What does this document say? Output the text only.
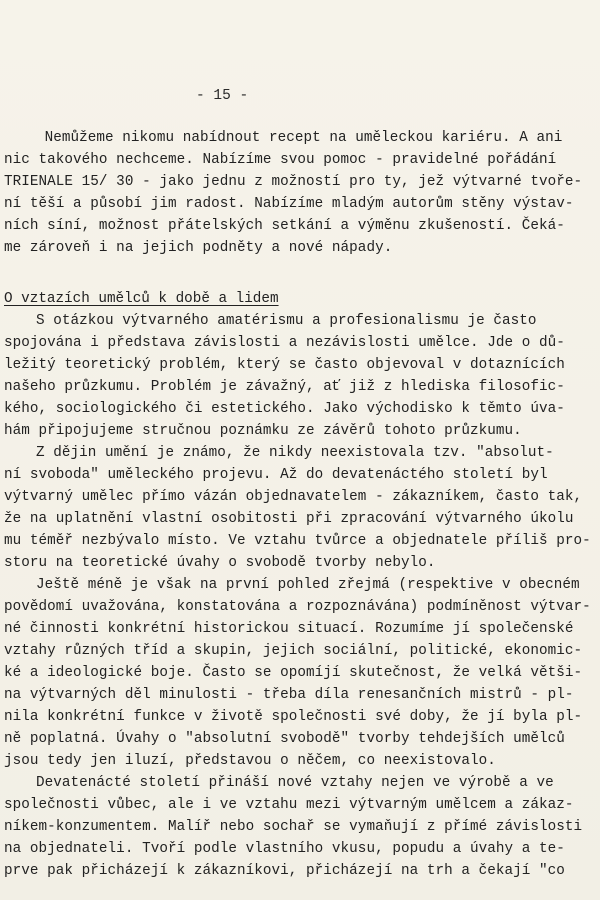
- 15 -
Nemůžeme nikomu nabídnout recept na uměleckou kariéru. A ani
nic takového nechceme. Nabízíme svou pomoc - pravidelné pořádání
TRIENALE 15/ 30 - jako jednu z možností pro ty, jež výtvarné tvoře-
ní těší a působí jim radost. Nabízíme mladým autorům stěny výstav-
ních síní, možnost přátelských setkání a výměnu zkušeností. Čeká-
me zároveň i na jejich podněty a nové nápady.
O vztazích umělců k době a lidem
S otázkou výtvarného amatérismu a profesionalismu je často
spojována i představa závislosti a nezávislosti umělce. Jde o dů-
ležitý teoretický problém, který se často objevoval v dotaznících
našeho průzkumu. Problém je závažný, ať již z hlediska filosofic-
kého, sociologického či estetického. Jako východisko k těmto úva-
hám připojujeme stručnou poznámku ze závěrů tohoto průzkumu.
Z dějin umění je známo, že nikdy neexistovala tzv. "absolut-
ní svoboda" uměleckého projevu. Až do devatenáctého století byl
výtvarný umělec přímo vázán objednavatelem - zákazníkem, často tak,
že na uplatnění vlastní osobitosti při zpracování výtvarného úkolu
mu téměř nezbývalo místo. Ve vztahu tvůrce a objednatele příliš pro-
storu na teoretické úvahy o svobodě tvorby nebylo.
Ještě méně je však na první pohled zřejmá (respektive v obecném
povědomí uvažována, konstatována a rozpoznávána) podmíněnost výtvar-
né činnosti konkrétní historickou situací. Rozumíme jí společenské
vztahy různých tříd a skupin, jejich sociální, politické, ekonomic-
ké a ideologické boje. Často se opomíjí skutečnost, že velká větši-
na výtvarných děl minulosti - třeba díla renesančních mistrů - pl-
nila konkrétní funkce v životě společnosti své doby, že jí byla pl-
ně poplatná. Úvahy o "absolutní svobodě" tvorby tehdejších umělců
jsou tedy jen iluzí, představou o něčem, co neexistovalo.
Devatenácté století přináší nové vztahy nejen ve výrobě a ve
společnosti vůbec, ale i ve vztahu mezi výtvarným umělcem a zákaz-
níkem-konzumentem. Malíř nebo sochař se vymaňují z přímé závislosti
na objednateli. Tvoří podle vlastního vkusu, popudu a úvahy a te-
prve pak přicházejí k zákazníkovi, přicházejí na trh a čekají "co
